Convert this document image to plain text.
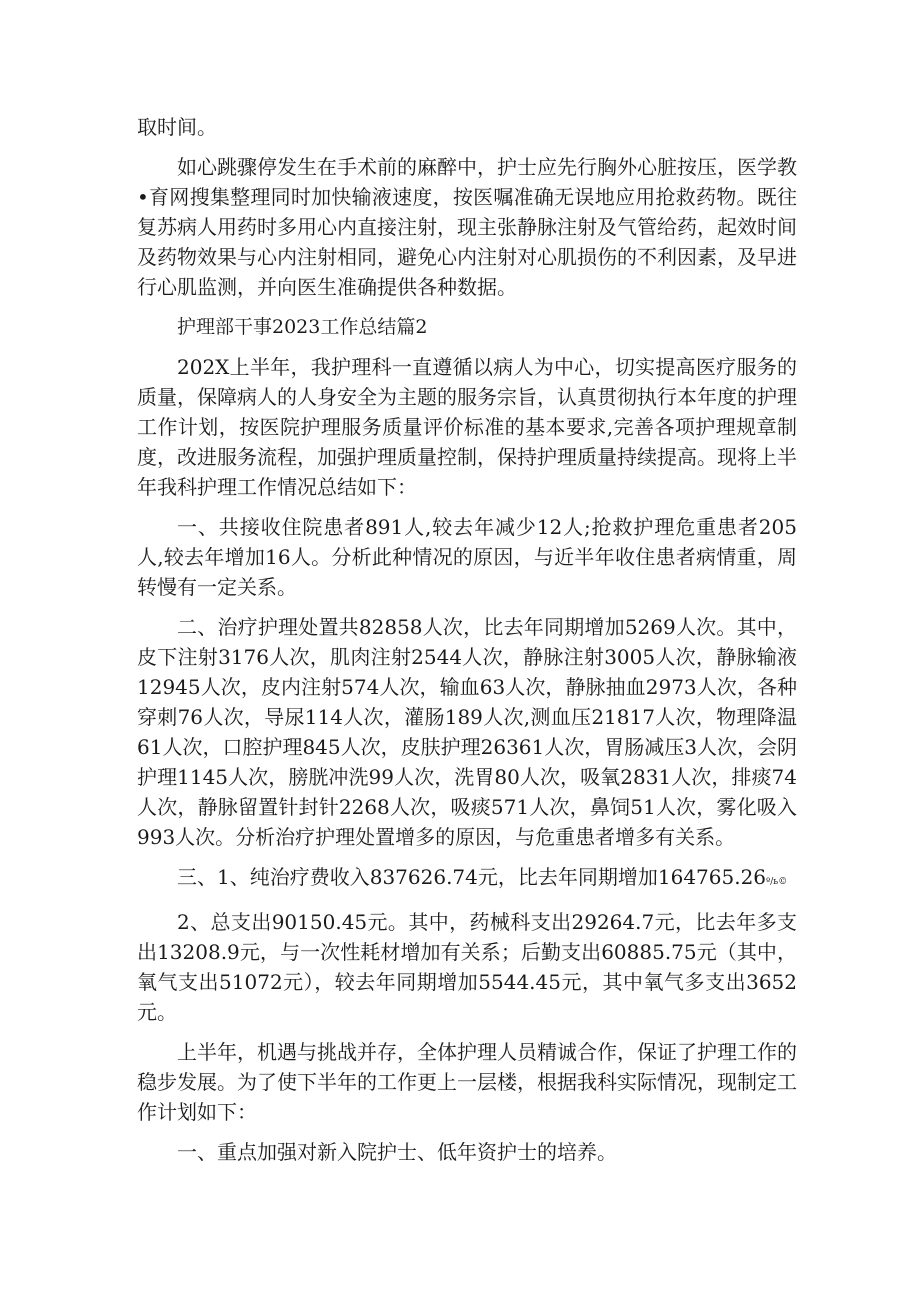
取时间。

如心跳骤停发生在手术前的麻醉中，护士应先行胸外心脏按压，医学教•育网搜集整理同时加快输液速度，按医嘱准确无误地应用抢救药物。既往复苏病人用药时多用心内直接注射，现主张静脉注射及气管给药，起效时间及药物效果与心内注射相同，避免心内注射对心肌损伤的不利因素，及早进行心肌监测，并向医生准确提供各种数据。

护理部干事2023工作总结篇2

202X上半年，我护理科一直遵循以病人为中心，切实提高医疗服务的质量，保障病人的人身安全为主题的服务宗旨，认真贯彻执行本年度的护理工作计划，按医院护理服务质量评价标准的基本要求,完善各项护理规章制度，改进服务流程，加强护理质量控制，保持护理质量持续提高。现将上半年我科护理工作情况总结如下：

一、共接收住院患者891人,较去年减少12人;抢救护理危重患者205人,较去年增加16人。分析此种情况的原因，与近半年收住患者病情重，周转慢有一定关系。

二、治疗护理处置共82858人次，比去年同期增加5269人次。其中，皮下注射3176人次，肌肉注射2544人次，静脉注射3005人次，静脉输液12945人次，皮内注射574人次，输血63人次，静脉抽血2973人次，各种穿刺76人次，导尿114人次，灌肠189人次,测血压21817人次，物理降温61人次，口腔护理845人次，皮肤护理26361人次，胃肠减压3人次，会阴护理1145人次，膀胱冲洗99人次，洗胃80人次，吸氧2831人次，排痰74人次，静脉留置针封针2268人次，吸痰571人次，鼻饲51人次，雾化吸入993人次。分析治疗护理处置增多的原因，与危重患者增多有关系。

三、1、纯治疗费收入837626.74元，比去年同期增加164765.26º/ь©

2、总支出90150.45元。其中，药械科支出29264.7元，比去年多支出13208.9元，与一次性耗材增加有关系；后勤支出60885.75元（其中，氧气支出51072元），较去年同期增加5544.45元，其中氧气多支出3652元。

上半年，机遇与挑战并存，全体护理人员精诚合作，保证了护理工作的稳步发展。为了使下半年的工作更上一层楼，根据我科实际情况，现制定工作计划如下：

一、重点加强对新入院护士、低年资护士的培养。
